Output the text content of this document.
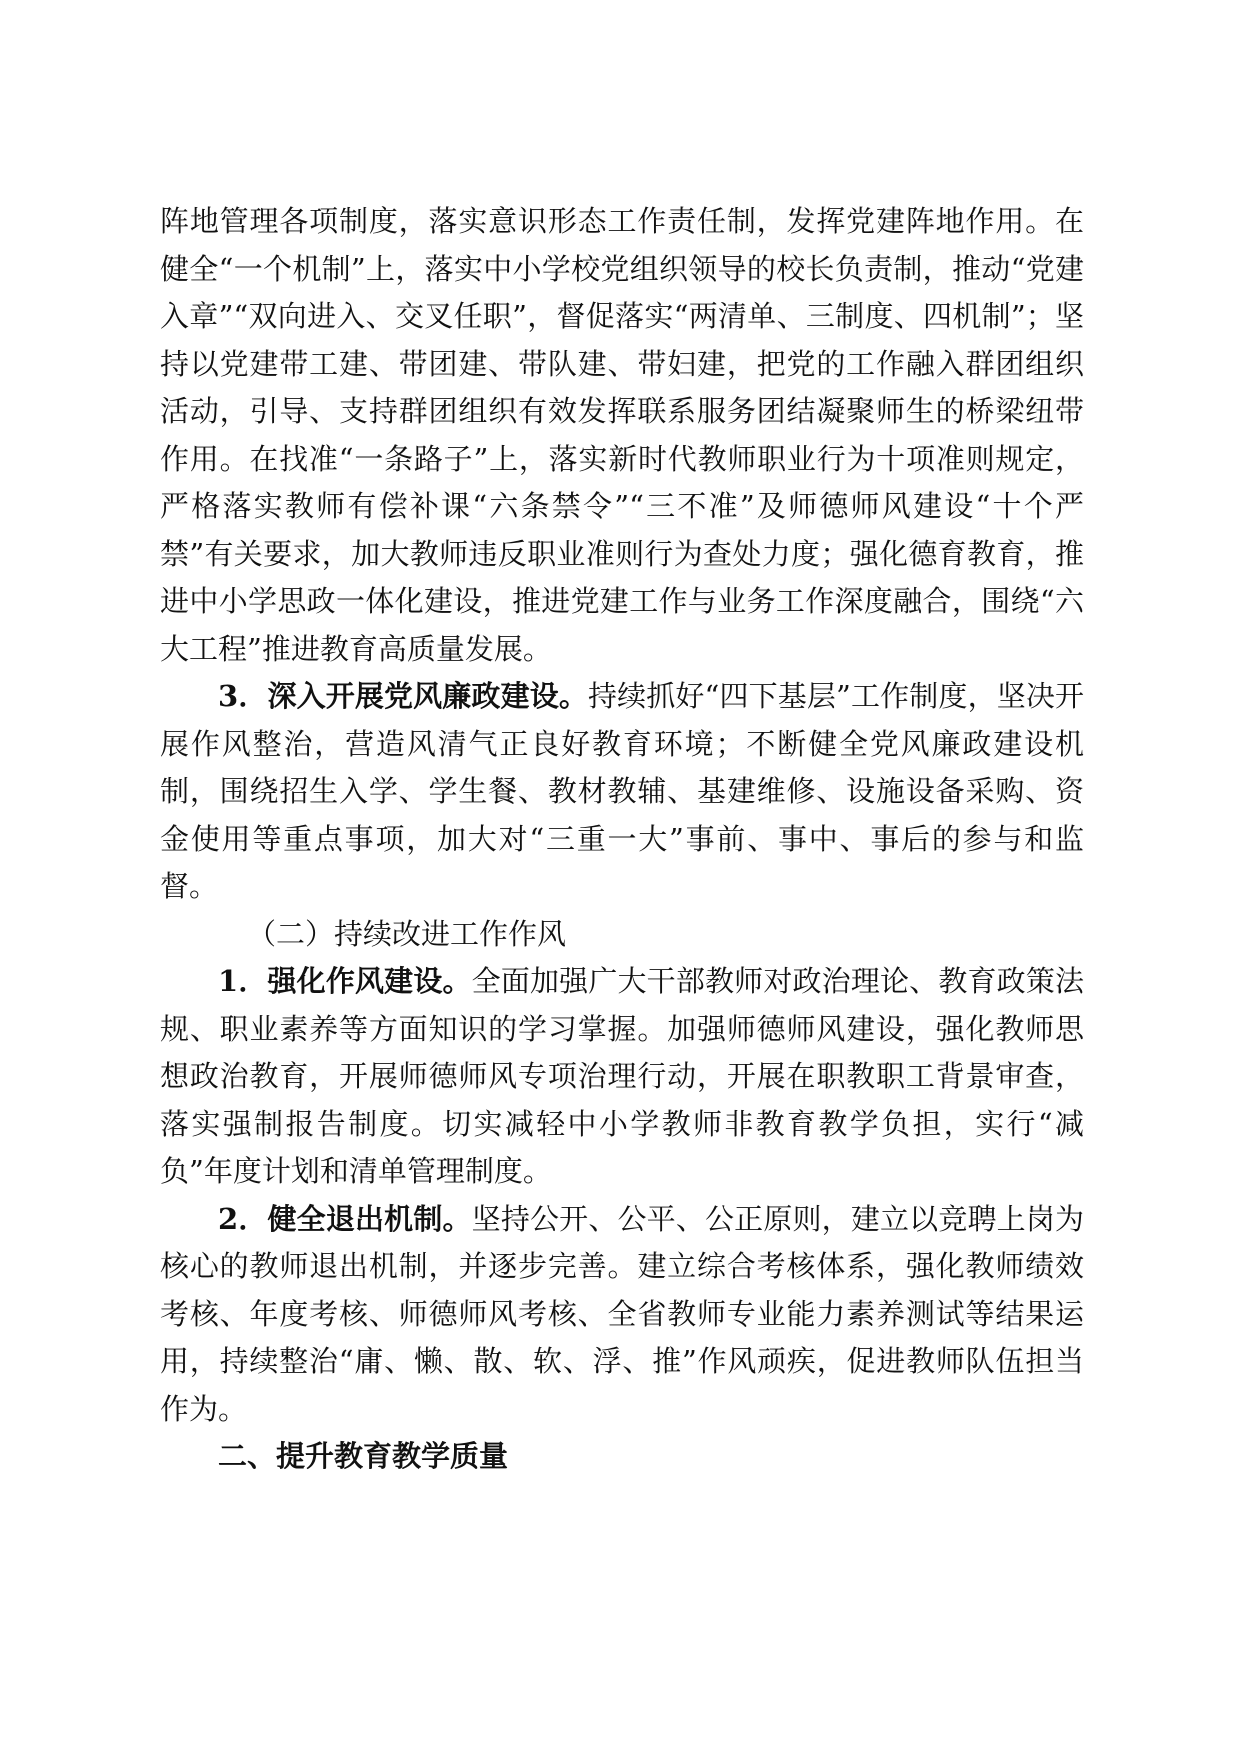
阵地管理各项制度，落实意识形态工作责任制，发挥党建阵地作用。在健全“一个机制”上，落实中小学校党组织领导的校长负责制，推动“党建入章”“双向进入、交叉任职”，督促落实“两清单、三制度、四机制”；坚持以党建带工建、带团建、带队建、带妇建，把党的工作融入群团组织活动，引导、支持群团组织有效发挥联系服务团结凝聚师生的桥梁纽带作用。在找准“一条路子”上，落实新时代教师职业行为十项准则规定，严格落实教师有偿补课“六条禁令”“三不准”及师德师风建设“十个严禁”有关要求，加大教师违反职业准则行为查处力度；强化德育教育，推进中小学思政一体化建设，推进党建工作与业务工作深度融合，围绕“六大工程”推进教育高质量发展。

3．深入开展党风廉政建设。持续抓好“四下基层”工作制度，坚决开展作风整治，营造风清气正良好教育环境；不断健全党风廉政建设机制，围绕招生入学、学生餐、教材教辅、基建维修、设施设备采购、资金使用等重点事项，加大对“三重一大”事前、事中、事后的参与和监督。

（二）持续改进工作作风

1．强化作风建设。全面加强广大干部教师对政治理论、教育政策法规、职业素养等方面知识的学习掌握。加强师德师风建设，强化教师思想政治教育，开展师德师风专项治理行动，开展在职教职工背景审查，落实强制报告制度。切实减轻中小学教师非教育教学负担，实行“减负”年度计划和清单管理制度。

2．健全退出机制。坚持公开、公平、公正原则，建立以竞聘上岗为核心的教师退出机制，并逐步完善。建立综合考核体系，强化教师绩效考核、年度考核、师德师风考核、全省教师专业能力素养测试等结果运用，持续整治“庸、懒、散、软、浮、推”作风顽疾，促进教师队伍担当作为。

二、提升教育教学质量
